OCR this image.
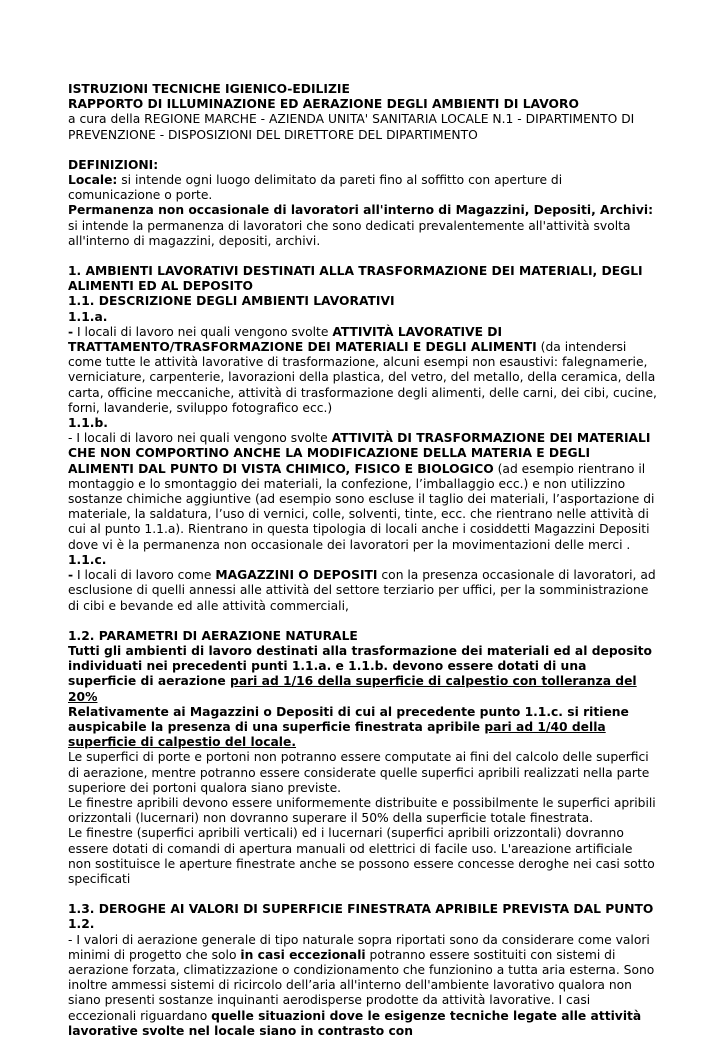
ISTRUZIONI TECNICHE IGIENICO-EDILIZIE

RAPPORTO DI ILLUMINAZIONE ED AERAZIONE DEGLI AMBIENTI DI LAVORO

a cura della REGIONE MARCHE - AZIENDA UNITA' SANITARIA LOCALE N.1 - DIPARTIMENTO DI PREVENZIONE - DISPOSIZIONI DEL DIRETTORE DEL DIPARTIMENTO

DEFINIZIONI:

Locale: si intende ogni luogo delimitato da pareti fino al soffitto con aperture di comunicazione o porte.

Permanenza non occasionale di lavoratori all'interno di Magazzini, Depositi, Archivi: si intende la permanenza di lavoratori che sono dedicati prevalentemente all'attività svolta all'interno di magazzini, depositi, archivi.

1. AMBIENTI LAVORATIVI DESTINATI ALLA TRASFORMAZIONE DEI MATERIALI, DEGLI ALIMENTI ED AL DEPOSITO

1.1. DESCRIZIONE DEGLI AMBIENTI LAVORATIVI

1.1.a.

- I locali di lavoro nei quali vengono svolte ATTIVITÀ LAVORATIVE DI TRATTAMENTO/TRASFORMAZIONE DEI MATERIALI E DEGLI ALIMENTI (da intendersi come tutte le attività lavorative di trasformazione, alcuni esempi non esaustivi: falegnamerie, verniciature, carpenterie, lavorazioni della plastica, del vetro, del metallo, della ceramica, della carta, officine meccaniche, attività di trasformazione degli alimenti, delle carni, dei cibi, cucine, forni, lavanderie, sviluppo fotografico ecc.)

1.1.b.

- I locali di lavoro nei quali vengono svolte ATTIVITÀ DI TRASFORMAZIONE DEI MATERIALI CHE NON COMPORTINO ANCHE LA MODIFICAZIONE DELLA MATERIA E DEGLI ALIMENTI DAL PUNTO DI VISTA CHIMICO, FISICO E BIOLOGICO (ad esempio rientrano il montaggio e lo smontaggio dei materiali, la confezione, l’imballaggio ecc.) e non utilizzino sostanze chimiche aggiuntive (ad esempio sono escluse il taglio dei materiali, l’asportazione di materiale, la saldatura, l’uso di vernici, colle, solventi, tinte, ecc. che rientrano nelle attività di cui al punto 1.1.a). Rientrano in questa tipologia di locali anche i cosiddetti Magazzini Depositi dove vi è la permanenza non occasionale dei lavoratori per la movimentazioni delle merci .

1.1.c.

- I locali di lavoro come MAGAZZINI O DEPOSITI con la presenza occasionale di lavoratori, ad esclusione di quelli annessi alle attività del settore terziario per uffici, per la somministrazione di cibi e bevande ed alle attività commerciali,

1.2. PARAMETRI DI AERAZIONE NATURALE

Tutti gli ambienti di lavoro destinati alla trasformazione dei materiali ed al deposito individuati nei precedenti punti 1.1.a. e 1.1.b. devono essere dotati di una superficie di aerazione pari ad 1/16 della superficie di calpestio con tolleranza del 20%

Relativamente ai Magazzini o Depositi di cui al precedente punto 1.1.c. si ritiene auspicabile la presenza di una superficie finestrata apribile pari ad 1/40 della superficie di calpestio del locale.

Le superfici di porte e portoni non potranno essere computate ai fini del calcolo delle superfici di aerazione, mentre potranno essere considerate quelle superfici apribili realizzati nella parte superiore dei portoni qualora siano previste.

Le finestre apribili devono essere uniformemente distribuite e possibilmente le superfici apribili orizzontali (lucernari) non dovranno superare il 50% della superficie totale finestrata.

Le finestre (superfici apribili verticali) ed i lucernari (superfici apribili orizzontali) dovranno essere dotati di comandi di apertura manuali od elettrici di facile uso. L'areazione artificiale non sostituisce le aperture finestrate anche se possono essere concesse deroghe nei casi sotto specificati

1.3. DEROGHE AI VALORI DI SUPERFICIE FINESTRATA APRIBILE PREVISTA DAL PUNTO 1.2.

- I valori di aerazione generale di tipo naturale sopra riportati sono da considerare come valori minimi di progetto che solo in casi eccezionali potranno essere sostituiti con sistemi di aerazione forzata, climatizzazione o condizionamento che funzionino a tutta aria esterna. Sono inoltre ammessi sistemi di ricircolo dell’aria all'interno dell'ambiente lavorativo qualora non siano presenti sostanze inquinanti aerodisperse prodotte da attività lavorative. I casi eccezionali riguardano quelle situazioni dove le esigenze tecniche legate alle attività lavorative svolte nel locale siano in contrasto con
